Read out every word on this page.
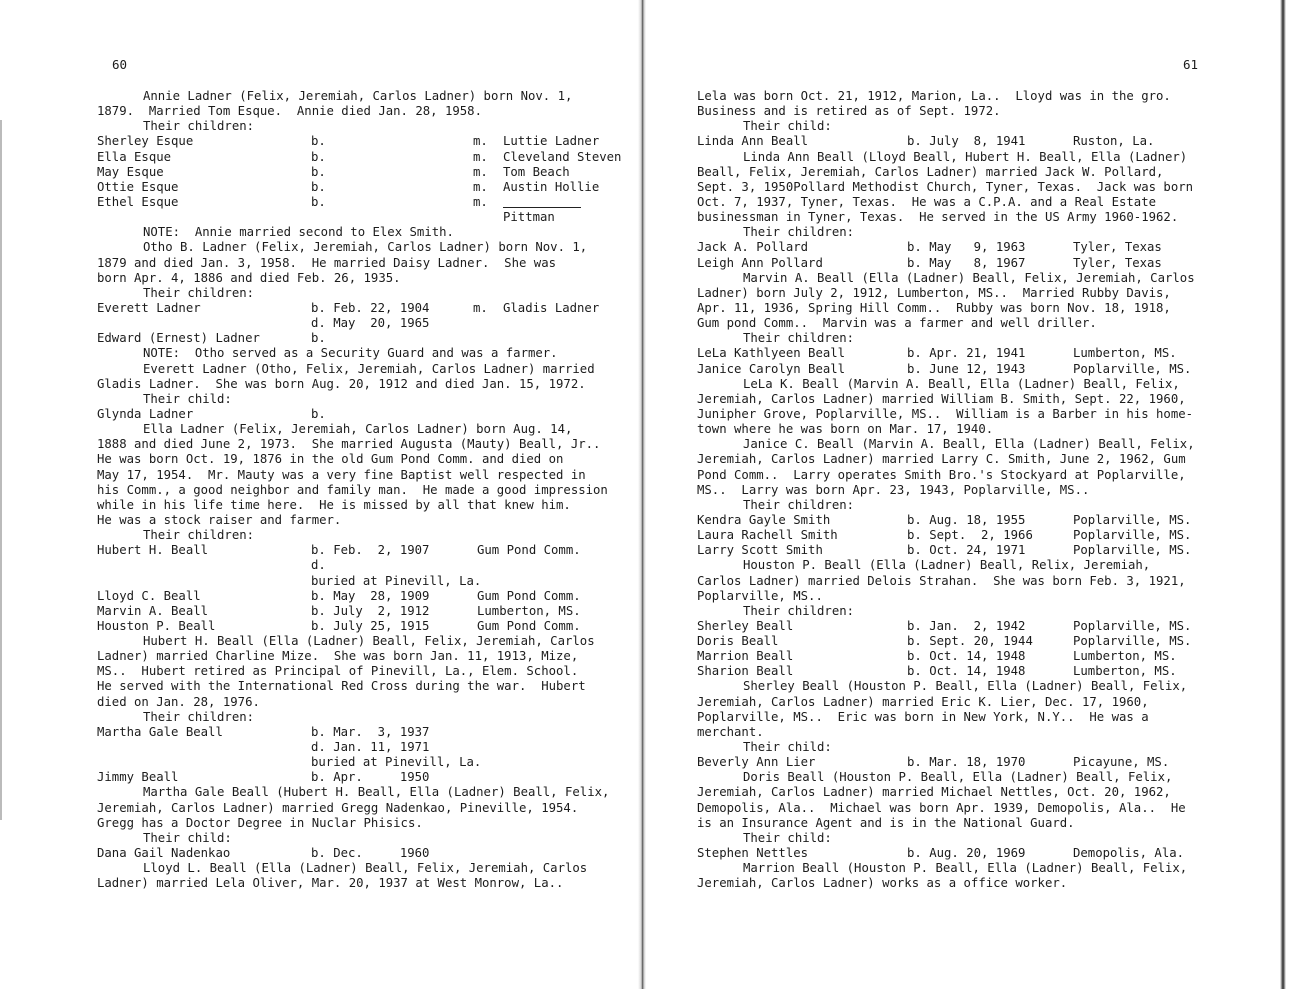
60	61
Annie Ladner (Felix, Jeremiah, Carlos Ladner) born Nov. 1,
1879.  Married Tom Esque.  Annie died Jan. 28, 1958.
Their children:
Sherley Esque	b.	m. Luttie Ladner
Ella Esque	b.	m. Cleveland Steven
May Esque	b.	m. Tom Beach
Ottie Esque	b.	m. Austin Hollie
Ethel Esque	b.	m.
Pittman
NOTE:  Annie married second to Elex Smith.
Otho B. Ladner (Felix, Jeremiah, Carlos Ladner) born Nov. 1,
1879 and died Jan. 3, 1958.  He married Daisy Ladner.  She was
born Apr. 4, 1886 and died Feb. 26, 1935.
Their children:
Everett Ladner	b. Feb. 22, 1904	m. Gladis Ladner
d. May  20, 1965
Edward (Ernest) Ladner	b.
NOTE:  Otho served as a Security Guard and was a farmer.
Everett Ladner (Otho, Felix, Jeremiah, Carlos Ladner) married
Gladis Ladner.  She was born Aug. 20, 1912 and died Jan. 15, 1972.
Their child:
Glynda Ladner	b.
Ella Ladner (Felix, Jeremiah, Carlos Ladner) born Aug. 14,
1888 and died June 2, 1973.  She married Augusta (Mauty) Beall, Jr..
He was born Oct. 19, 1876 in the old Gum Pond Comm. and died on
May 17, 1954.  Mr. Mauty was a very fine Baptist well respected in
his Comm., a good neighbor and family man.  He made a good impression
while in his life time here.  He is missed by all that knew him.
He was a stock raiser and farmer.
Their children:
Hubert H. Beall	b. Feb.  2, 1907	Gum Pond Comm.
d.
buried at Pinevill, La.
Lloyd C. Beall	b. May  28, 1909	Gum Pond Comm.
Marvin A. Beall	b. July  2, 1912	Lumberton, MS.
Houston P. Beall	b. July 25, 1915	Gum Pond Comm.
Hubert H. Beall (Ella (Ladner) Beall, Felix, Jeremiah, Carlos
Ladner) married Charline Mize.  She was born Jan. 11, 1913, Mize,
MS..  Hubert retired as Principal of Pinevill, La., Elem. School.
He served with the International Red Cross during the war.  Hubert
died on Jan. 28, 1976.
Their children:
Martha Gale Beall	b. Mar.  3, 1937
d. Jan. 11, 1971
buried at Pinevill, La.
Jimmy Beall	b. Apr.     1950
Martha Gale Beall (Hubert H. Beall, Ella (Ladner) Beall, Felix,
Jeremiah, Carlos Ladner) married Gregg Nadenkao, Pineville, 1954.
Gregg has a Doctor Degree in Nuclar Phisics.
Their child:
Dana Gail Nadenkao	b. Dec.     1960
Lloyd L. Beall (Ella (Ladner) Beall, Felix, Jeremiah, Carlos
Ladner) married Lela Oliver, Mar. 20, 1937 at West Monrow, La..
Lela was born Oct. 21, 1912, Marion, La..  Lloyd was in the gro.
Business and is retired as of Sept. 1972.
Their child:
Linda Ann Beall	b. July  8, 1941	Ruston, La.
Linda Ann Beall (Lloyd Beall, Hubert H. Beall, Ella (Ladner)
Beall, Felix, Jeremiah, Carlos Ladner) married Jack W. Pollard,
Sept. 3, 1950Pollard Methodist Church, Tyner, Texas.  Jack was born
Oct. 7, 1937, Tyner, Texas.  He was a C.P.A. and a Real Estate
businessman in Tyner, Texas.  He served in the US Army 1960-1962.
Their children:
Jack A. Pollard	b. May   9, 1963	Tyler, Texas
Leigh Ann Pollard	b. May   8, 1967	Tyler, Texas
Marvin A. Beall (Ella (Ladner) Beall, Felix, Jeremiah, Carlos
Ladner) born July 2, 1912, Lumberton, MS..  Married Rubby Davis,
Apr. 11, 1936, Spring Hill Comm..  Rubby was born Nov. 18, 1918,
Gum pond Comm..  Marvin was a farmer and well driller.
Their children:
LeLa Kathlyeen Beall	b. Apr. 21, 1941	Lumberton, MS.
Janice Carolyn Beall	b. June 12, 1943	Poplarville, MS.
LeLa K. Beall (Marvin A. Beall, Ella (Ladner) Beall, Felix,
Jeremiah, Carlos Ladner) married William B. Smith, Sept. 22, 1960,
Junipher Grove, Poplarville, MS..  William is a Barber in his home-
town where he was born on Mar. 17, 1940.
Janice C. Beall (Marvin A. Beall, Ella (Ladner) Beall, Felix,
Jeremiah, Carlos Ladner) married Larry C. Smith, June 2, 1962, Gum
Pond Comm..  Larry operates Smith Bro.'s Stockyard at Poplarville,
MS..  Larry was born Apr. 23, 1943, Poplarville, MS..
Their children:
Kendra Gayle Smith	b. Aug. 18, 1955	Poplarville, MS.
Laura Rachell Smith	b. Sept.  2, 1966	Poplarville, MS.
Larry Scott Smith	b. Oct. 24, 1971	Poplarville, MS.
Houston P. Beall (Ella (Ladner) Beall, Relix, Jeremiah,
Carlos Ladner) married Delois Strahan.  She was born Feb. 3, 1921,
Poplarville, MS..
Their children:
Sherley Beall	b. Jan.  2, 1942	Poplarville, MS.
Doris Beall	b. Sept. 20, 1944	Poplarville, MS.
Marrion Beall	b. Oct. 14, 1948	Lumberton, MS.
Sharion Beall	b. Oct. 14, 1948	Lumberton, MS.
Sherley Beall (Houston P. Beall, Ella (Ladner) Beall, Felix,
Jeremiah, Carlos Ladner) married Eric K. Lier, Dec. 17, 1960,
Poplarville, MS..  Eric was born in New York, N.Y..  He was a
merchant.
Their child:
Beverly Ann Lier	b. Mar. 18, 1970	Picayune, MS.
Doris Beall (Houston P. Beall, Ella (Ladner) Beall, Felix,
Jeremiah, Carlos Ladner) married Michael Nettles, Oct. 20, 1962,
Demopolis, Ala..  Michael was born Apr. 1939, Demopolis, Ala..  He
is an Insurance Agent and is in the National Guard.
Their child:
Stephen Nettles	b. Aug. 20, 1969	Demopolis, Ala.
Marrion Beall (Houston P. Beall, Ella (Ladner) Beall, Felix,
Jeremiah, Carlos Ladner) works as a office worker.
